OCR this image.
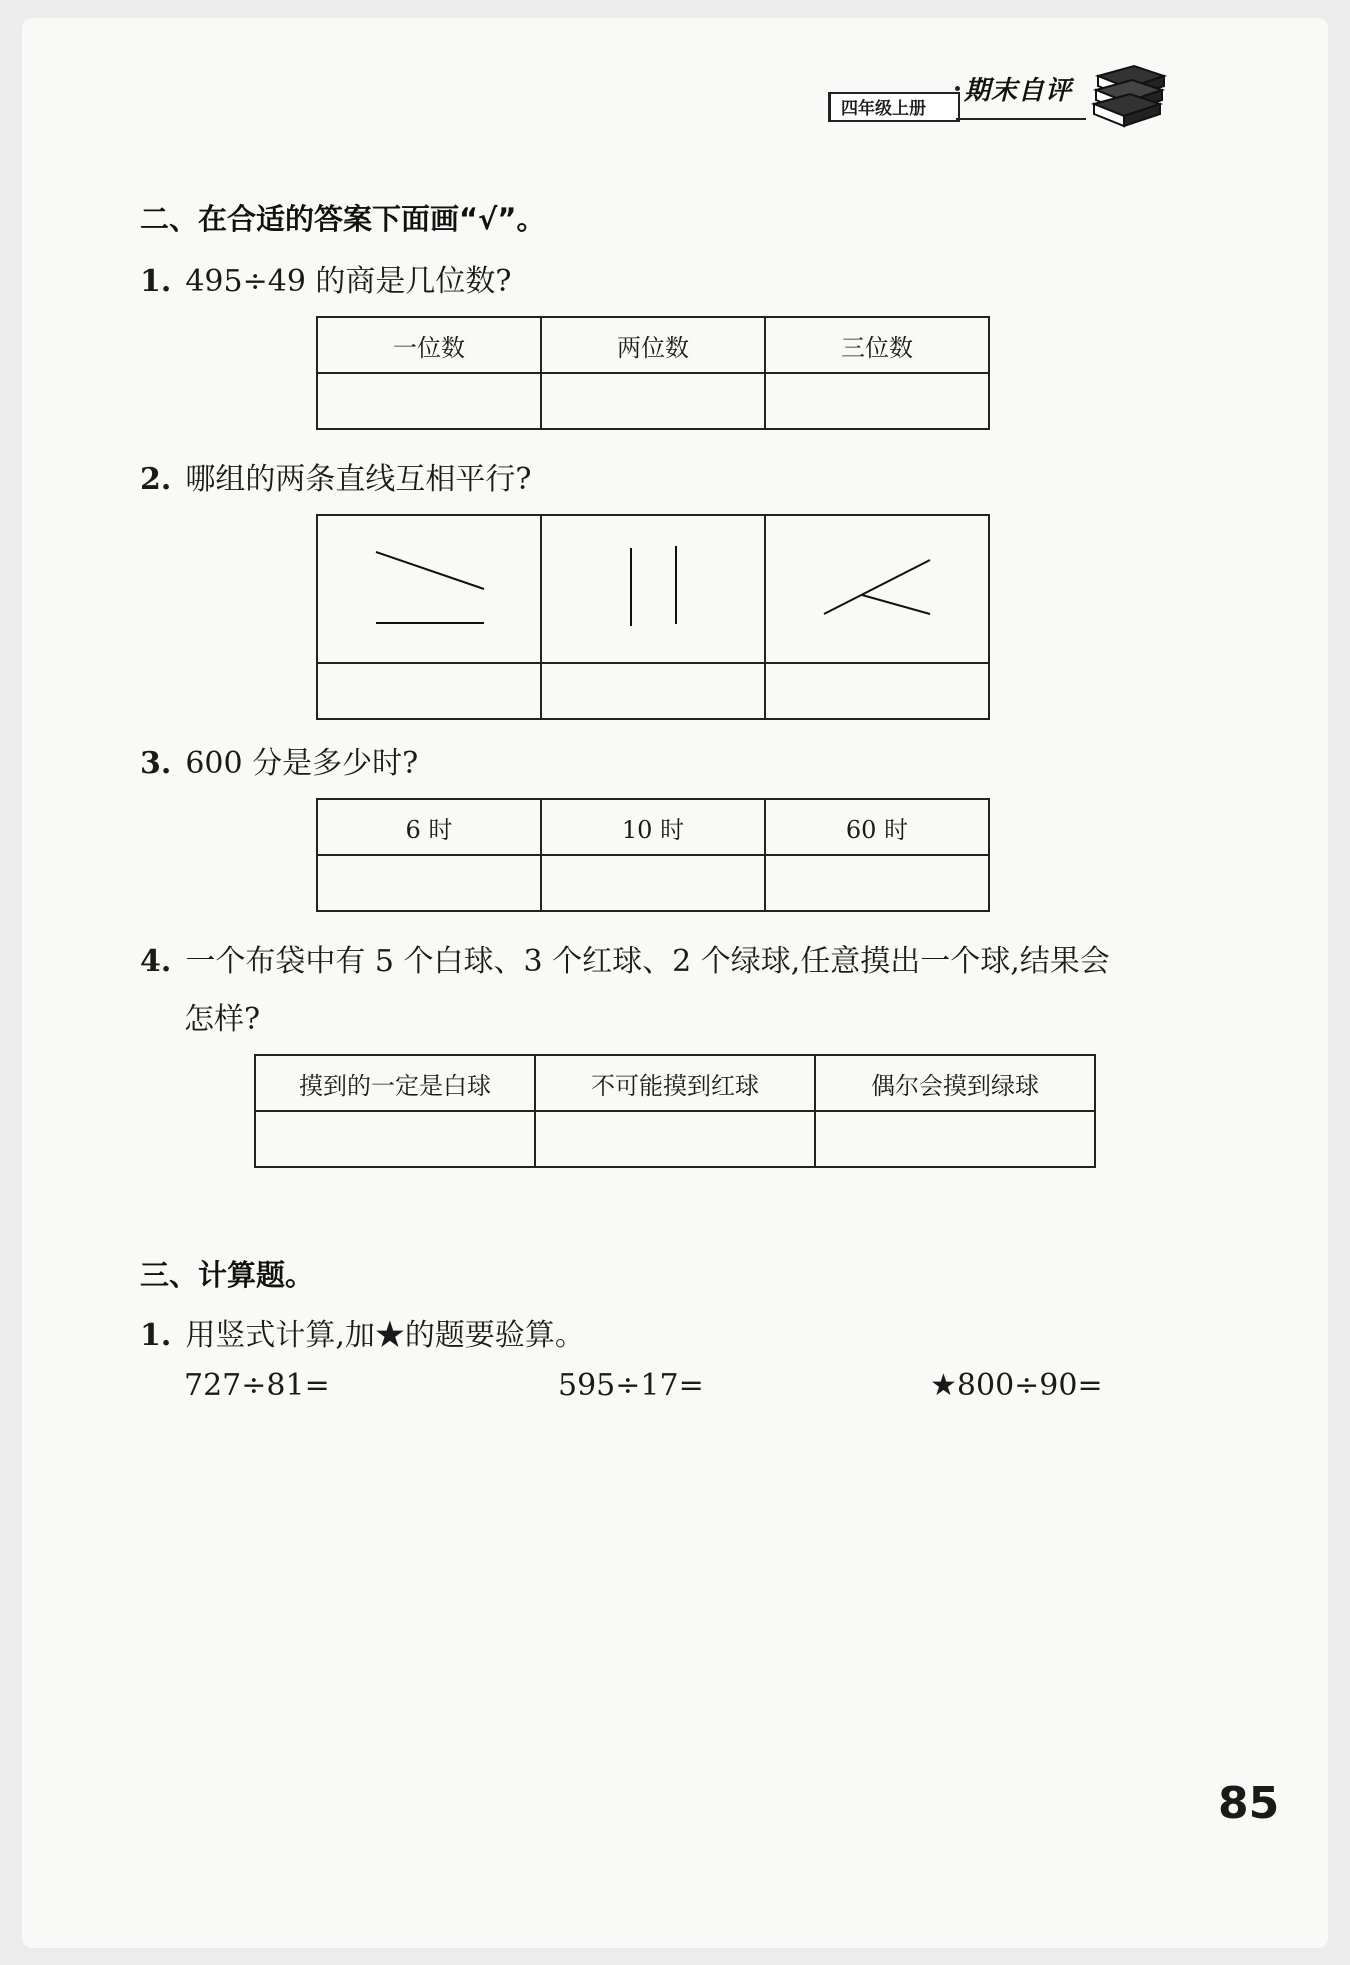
四年级上册
期末自评
二、在合适的答案下面画“√”。
1. 495÷49 的商是几位数?
一位数	两位数	三位数

2. 哪组的两条直线互相平行?

3. 600 分是多少时?
6 时	10 时	60 时

4. 一个布袋中有 5 个白球、3 个红球、2 个绿球,任意摸出一个球,结果会
怎样?
摸到的一定是白球	不可能摸到红球	偶尔会摸到绿球

三、计算题。
1. 用竖式计算,加★的题要验算。
727÷81=	595÷17=	★800÷90=
85
